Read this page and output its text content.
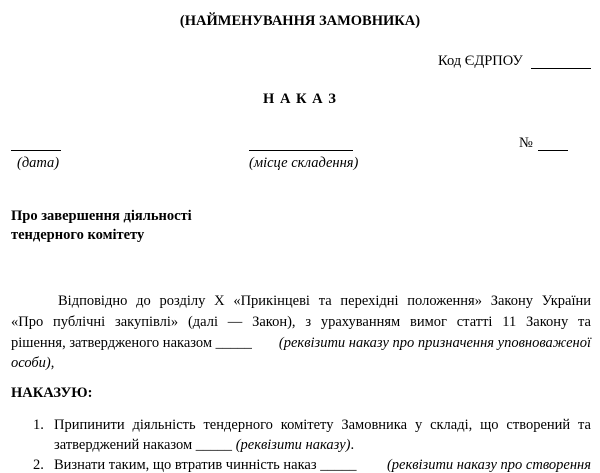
(НАЙМЕНУВАННЯ ЗАМОВНИКА)
Код ЄДРПОУ
Н А К А З
№
(дата)	(місце складення)
Про завершення діяльності
тендерного комітету
Відповідно до розділу X «Прикінцеві та перехідні положення» Закону України
«Про публічні закупівлі» (далі — Закон), з урахуванням вимог статті 11 Закону та
рішення, затвердженого наказом _____ (реквізити наказу про призначення уповноваженої
особи),
НАКАЗУЮ:
1. Припинити діяльність тендерного комітету Замовника у складі, що створений та
затверджений наказом _____ (реквізити наказу).
2. Визнати таким, що втратив чинність наказ _____ (реквізити наказу про створення
